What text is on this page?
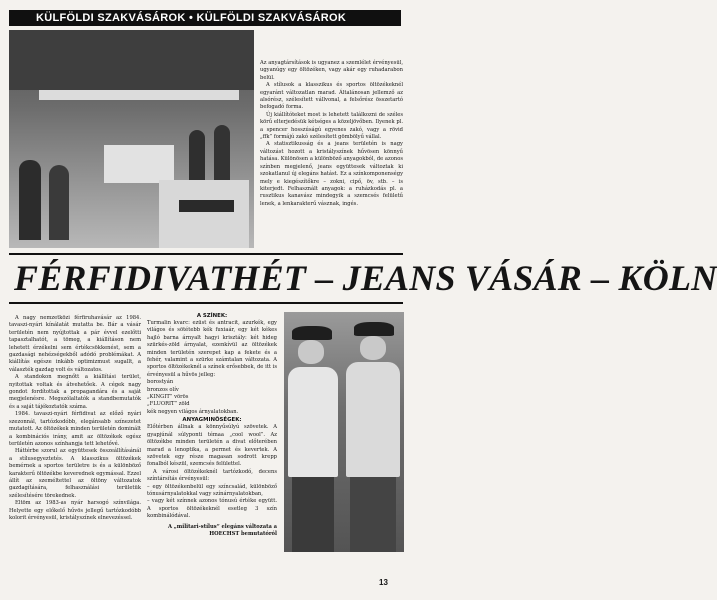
KÜLFÖLDI SZAKVÁSÁROK • KÜLFÖLDI SZAKVÁSÁROK

Az anyagtársítások is ugyanez a szemlélet érvényesül, ugyanúgy egy öltözéken, vagy akár egy ruhadarabon belül.

A stílusok a klasszikus és sportos öltözékeknél egyaránt változatlan marad. Általánosan jellemző az alsórész, szélesített vállvonal, a felsőrész összetartó befogadó forma.

Új kiállítóteket most is lehetett találkozni de széles körű elterjedésük kétséges a közeljövőben. Ilyenek pl. a spencer hosszúságú egyenes zakó, vagy a rövid „ffk” formájú zakó szélesített gömbölyű vállal.

A statisztikusság és a jeans területén is nagy változást hozott a kristályszínek hűvösen könnyű hatása. Különösen a különböző anyagokból, de azonos színben megjelenő, jeans együttesek változtak ki szokatlanul új elegáns hatást. Ez a színkomponenségy mely e kiegészítőkre – zokni, cipő, öv, stb. – is kiterjedt. Felhasznált anyagok: a ruházkodás pl. a rusztikus kanavász mindegyik a szemcsés felületű lenek, a lenkarakterű vásznak, ingés.

FÉRFIDIVATHÉT – JEANS VÁSÁR – KÖLN

A nagy nemzetközi férfiruhavásár az 1984. tavaszi-nyári kínálatát mutatta be. Bár a vásár területén nem nyújtottak a pár évvel ezelőtti tapasztalhatót, a tömeg, a kiállításon nem lehetett érzékelni sem értékcsökkenést, sem a gazdasági nehézségekből adódó problémákat. A kiállítás egésze inkább optimizmust sugallt, a választék gazdag volt és változatos.

A standokon megnőtt a kiállítási terület, nyitottak voltak és átvehetőek. A cégek nagy gondot fordítottak a propagandára és a saját megjelenésre. Megszólaltatók a standbemutatók és a saját tájékoztatók száma.

1984. tavaszi-nyári férfidivat az előző nyári szezonnál, tartózkodóbb, elegánsabb színezetet mutatott. Az öltözékek minden területén dominált a kombinációs irány, amit az öltözékek egész területén azonos színhangja tett lehetővé.

Háttérbe szorul az együttesek összeállításánál a stílusegyeztetés. A klasszikus öltözékek bemérnek a sportos területre is és a különböző karakterű öltözékbe keverednek egymással. Ezzel állít az személtettel az öltöny változatok gazdagítására, felhasználási területük szélesítésére törekednek.

Eltöm az 1983-as nyár harsogó színvilága. Helyette egy előkelő hűvös jellegű tartózkodóbb kolorit érvényesül, kristályszínek elnevezéssel.

A SZÍNEK:

Turmalin kvarc: ezüst és antracit, azurkék, egy világos és sötétebb kék fuxiaár, egy két kékes hajló barna árnyalt hagyi krisztály: két hideg szürkés-zöld árnyalat, ezenkívül az öltözékek minden területén szerepet kap a fekete és a fehér, valamint a szürke számtalan változata. A sportos öltözékeknél a színek erősebbek, de itt is érvényesül a hűvös jelleg:

borostyán

bronzos olív

„KINGIT” vörös

„FLUORIT” zöld

kék negyen világos árnyalatokban.

ANYAGMINŐSÉGEK:

Előtérben állnak a könnyűsúlyú szövetek. A gyapjúnál súlyponti témaa „cool wool”. Az öltözékbe minden területén a divat előterében marad a lenoptika, a permet és kevertek. A szövetek egy része magasan sodrott krepp fonalból készül, szemcsés felülettel.

A városi öltözékeknél tartózkodó, decens színtársítás érvényesül:

– egy öltözékenbelül egy színcsalád, különböző tónusárnyalatokkal vagy színárnyalatokban,

– vagy két színnek azonos tónusú értéke együtt. A sportos öltözékeknél esetleg 3 szín kombinálódával.

A „militari-stílus” elegáns változata a HOECHST bemutatóról

13
